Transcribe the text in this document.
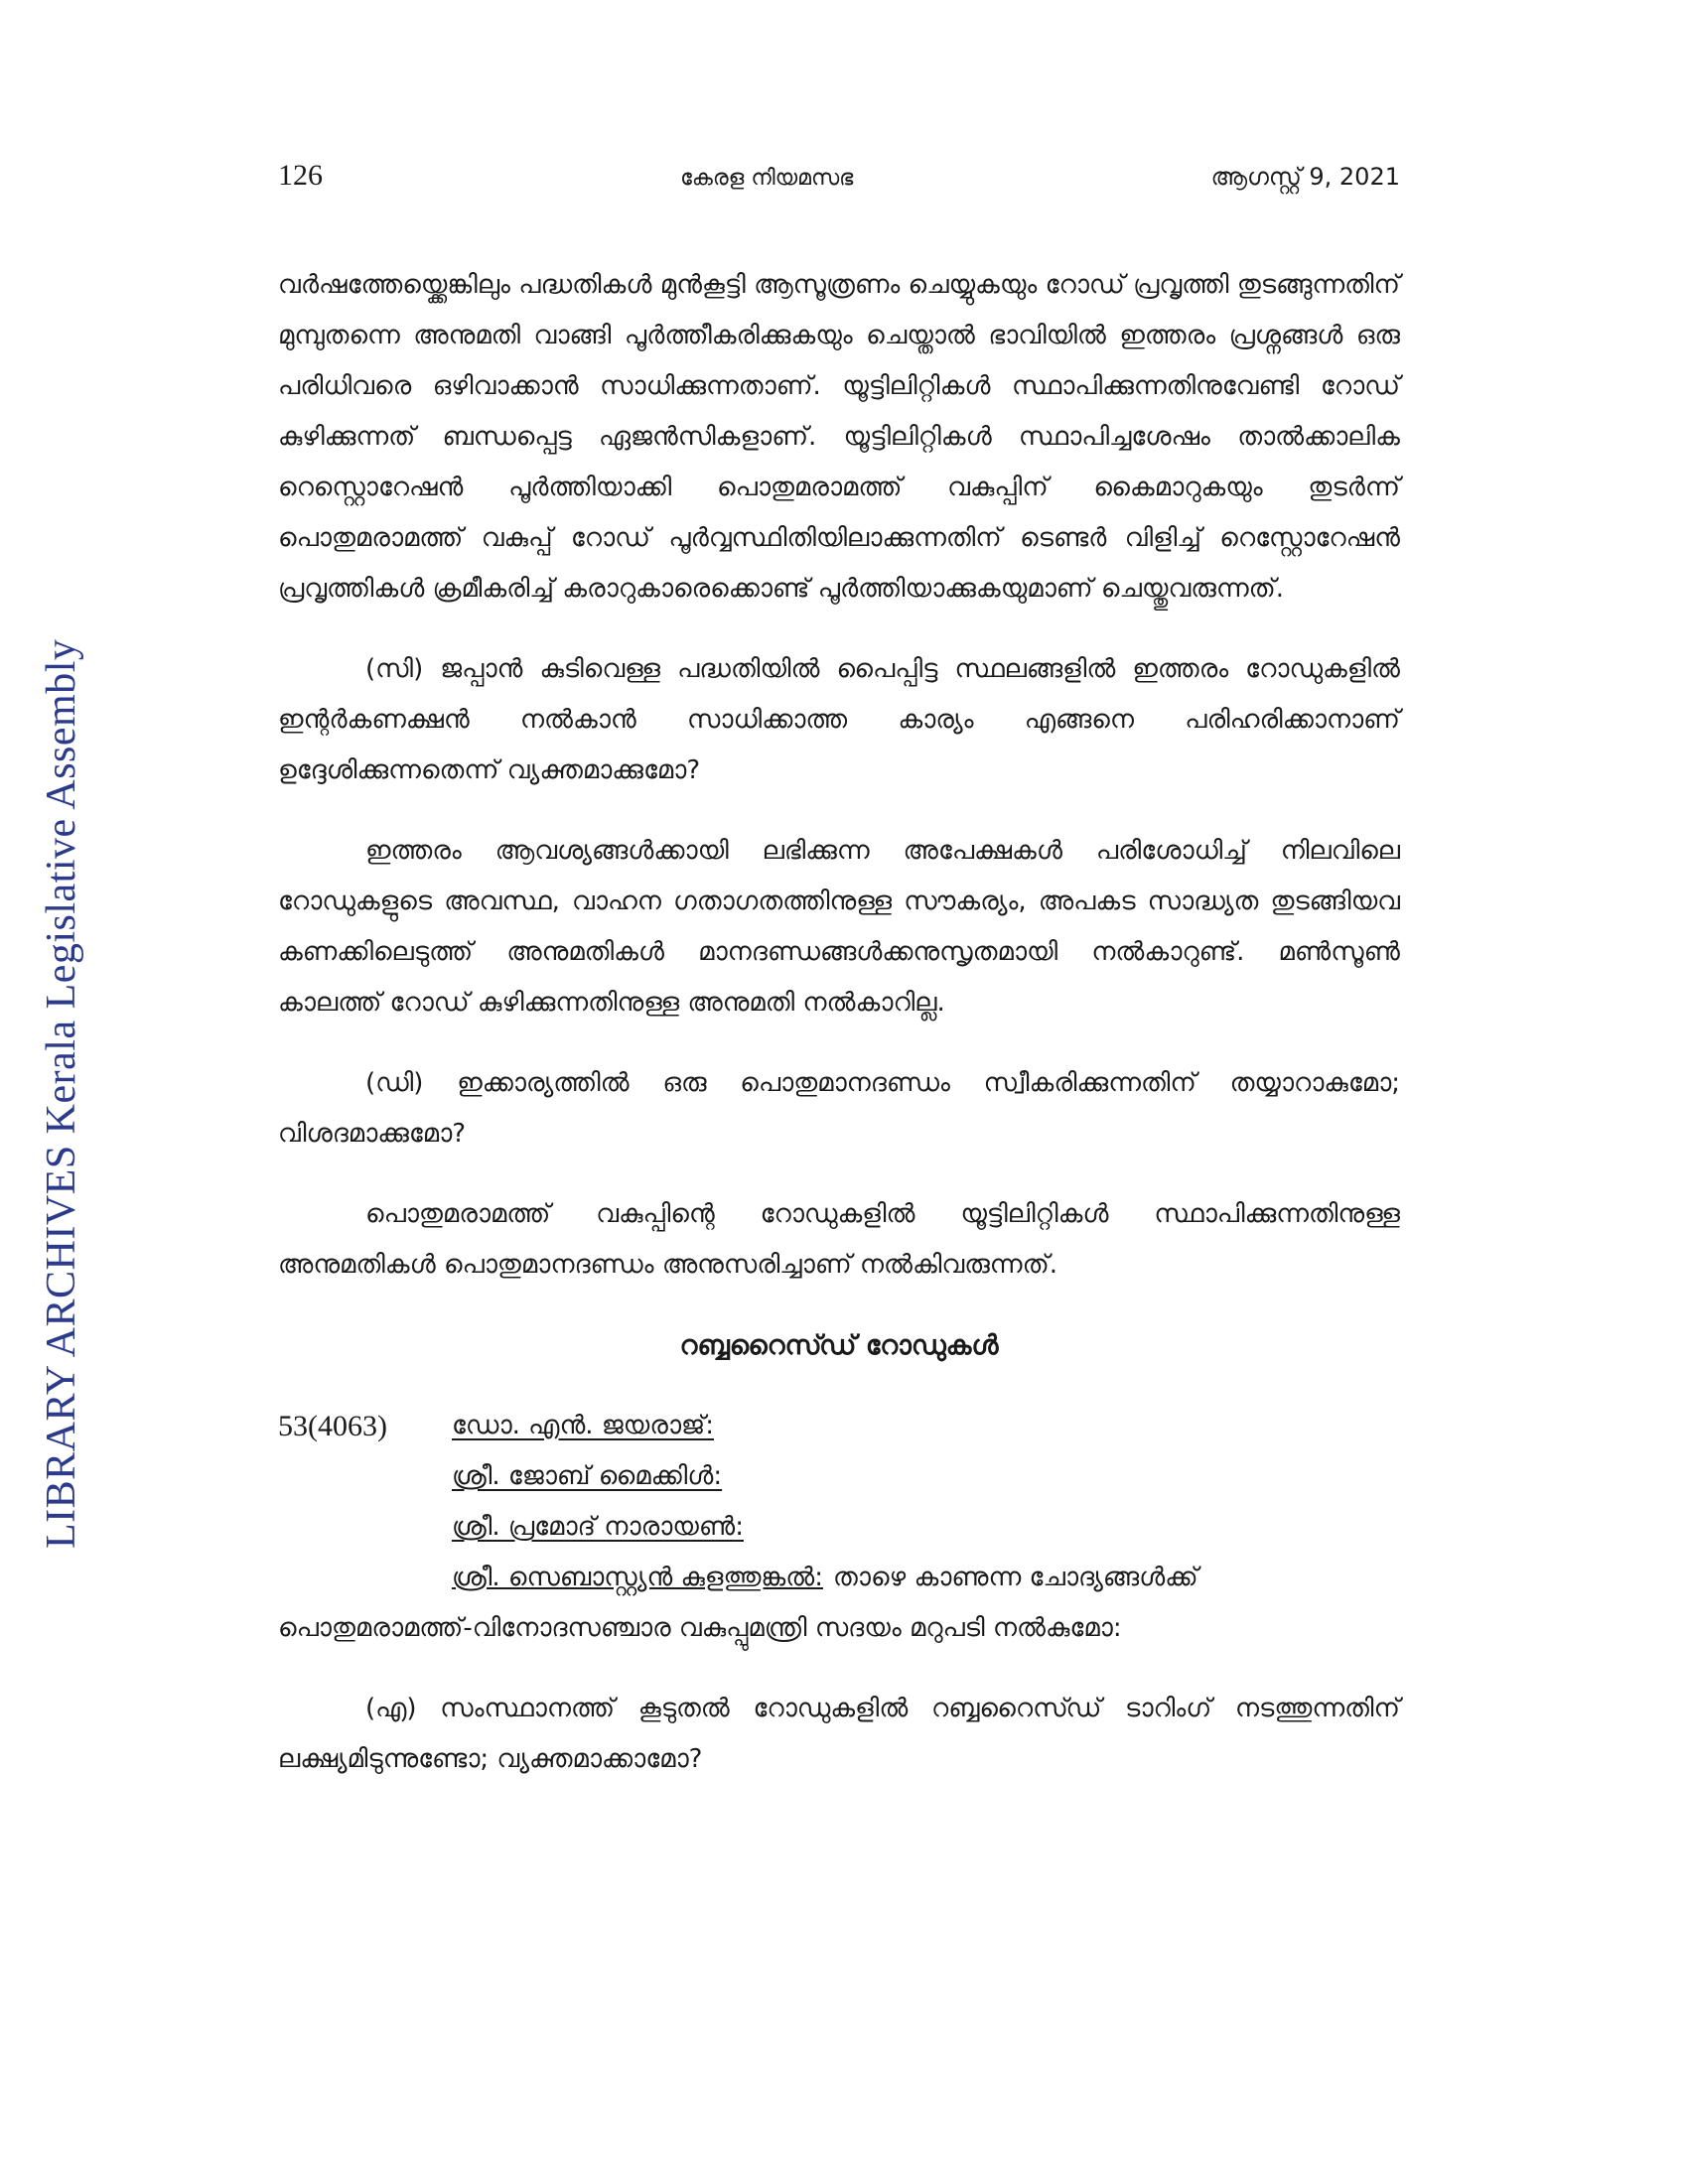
LIBRARY ARCHIVES Kerala Legislative Assembly
126	കേരള നിയമസഭ	ആഗസ്റ്റ് 9, 2021

വർഷത്തേയ്ക്കെങ്കിലും പദ്ധതികൾ മുൻകൂട്ടി ആസൂത്രണം ചെയ്യുകയും റോഡ് പ്രവൃത്തി തുടങ്ങുന്നതിന് മുമ്പുതന്നെ അനുമതി വാങ്ങി പൂർത്തീകരിക്കുകയും ചെയ്താൽ ഭാവിയിൽ ഇത്തരം പ്രശ്നങ്ങൾ ഒരു പരിധിവരെ ഒഴിവാക്കാൻ സാധിക്കുന്നതാണ്. യൂട്ടിലിറ്റികൾ സ്ഥാപിക്കുന്നതിനുവേണ്ടി റോഡ് കുഴിക്കുന്നത് ബന്ധപ്പെട്ട ഏജൻസികളാണ്. യൂട്ടിലിറ്റികൾ സ്ഥാപിച്ചശേഷം താൽക്കാലിക റെസ്റ്റൊറേഷൻ പൂർത്തിയാക്കി പൊതുമരാമത്ത് വകുപ്പിന് കൈമാറുകയും തുടർന്ന് പൊതുമരാമത്ത് വകുപ്പ് റോഡ് പൂർവ്വസ്ഥിതിയിലാക്കുന്നതിന് ടെണ്ടർ വിളിച്ച് റെസ്റ്റോറേഷൻ പ്രവൃത്തികൾ ക്രമീകരിച്ച് കരാറുകാരെക്കൊണ്ട് പൂർത്തിയാക്കുകയുമാണ് ചെയ്തുവരുന്നത്.

(സി) ജപ്പാൻ കുടിവെള്ള പദ്ധതിയിൽ പൈപ്പിട്ട സ്ഥലങ്ങളിൽ ഇത്തരം റോഡുകളിൽ ഇന്റർകണക്ഷൻ നൽകാൻ സാധിക്കാത്ത കാര്യം എങ്ങനെ പരിഹരിക്കാനാണ് ഉദ്ദേശിക്കുന്നതെന്ന് വ്യക്തമാക്കുമോ?

ഇത്തരം ആവശ്യങ്ങൾക്കായി ലഭിക്കുന്ന അപേക്ഷകൾ പരിശോധിച്ച് നിലവിലെ റോഡുകളുടെ അവസ്ഥ, വാഹന ഗതാഗതത്തിനുള്ള സൗകര്യം, അപകട സാദ്ധ്യത തുടങ്ങിയവ കണക്കിലെടുത്ത് അനുമതികൾ മാനദണ്ഡങ്ങൾക്കനുസൃതമായി നൽകാറുണ്ട്. മൺസൂൺ കാലത്ത് റോഡ് കുഴിക്കുന്നതിനുള്ള അനുമതി നൽകാറില്ല.

(ഡി) ഇക്കാര്യത്തിൽ ഒരു പൊതുമാനദണ്ഡം സ്വീകരിക്കുന്നതിന് തയ്യാറാകുമോ; വിശദമാക്കുമോ?

പൊതുമരാമത്ത് വകുപ്പിന്റെ റോഡുകളിൽ യൂട്ടിലിറ്റികൾ സ്ഥാപിക്കുന്നതിനുള്ള അനുമതികൾ പൊതുമാനദണ്ഡം അനുസരിച്ചാണ് നൽകിവരുന്നത്.

റബ്ബറൈസ്ഡ് റോഡുകൾ

53(4063)	ഡോ. എൻ. ജയരാജ്:
ശ്രീ. ജോബ് മൈക്കിൾ:
ശ്രീ. പ്രമോദ് നാരായൺ:
ശ്രീ. സെബാസ്റ്റ്യൻ കുളത്തുങ്കൽ: താഴെ കാണുന്ന ചോദ്യങ്ങൾക്ക്

പൊതുമരാമത്ത്-വിനോദസഞ്ചാര വകുപ്പുമന്ത്രി സദയം മറുപടി നൽകുമോ:

(എ) സംസ്ഥാനത്ത് കൂടുതൽ റോഡുകളിൽ റബ്ബറൈസ്ഡ് ടാറിംഗ് നടത്തുന്നതിന് ലക്ഷ്യമിടുന്നുണ്ടോ; വ്യക്തമാക്കാമോ?
